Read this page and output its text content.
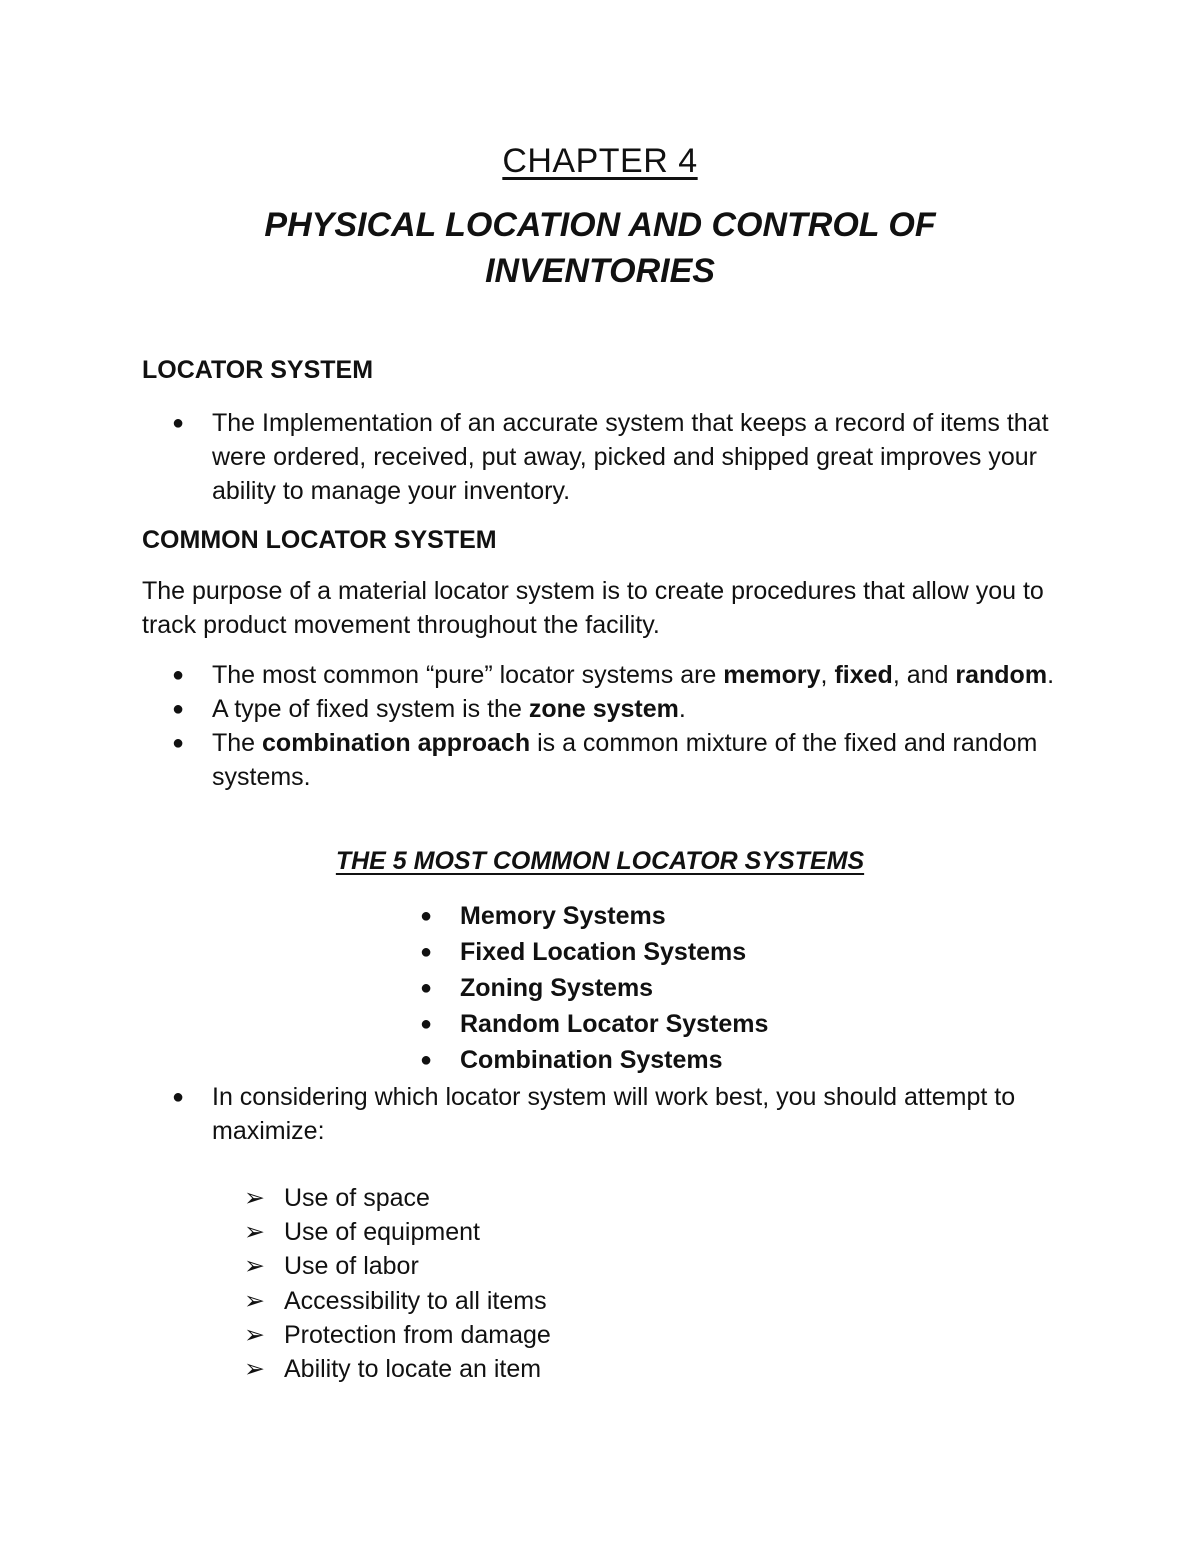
CHAPTER 4
PHYSICAL LOCATION AND CONTROL OF
INVENTORIES
LOCATOR SYSTEM
● The Implementation of an accurate system that keeps a record of items that were ordered, received, put away, picked and shipped great improves your ability to manage your inventory.
COMMON LOCATOR SYSTEM
The purpose of a material locator system is to create procedures that allow you to track product movement throughout the facility.
● The most common “pure” locator systems are memory, fixed, and random.
● A type of fixed system is the zone system.
● The combination approach is a common mixture of the fixed and random systems.
THE 5 MOST COMMON LOCATOR SYSTEMS
● Memory Systems
● Fixed Location Systems
● Zoning Systems
● Random Locator Systems
● Combination Systems
● In considering which locator system will work best, you should attempt to maximize:
➢ Use of space
➢ Use of equipment
➢ Use of labor
➢ Accessibility to all items
➢ Protection from damage
➢ Ability to locate an item
